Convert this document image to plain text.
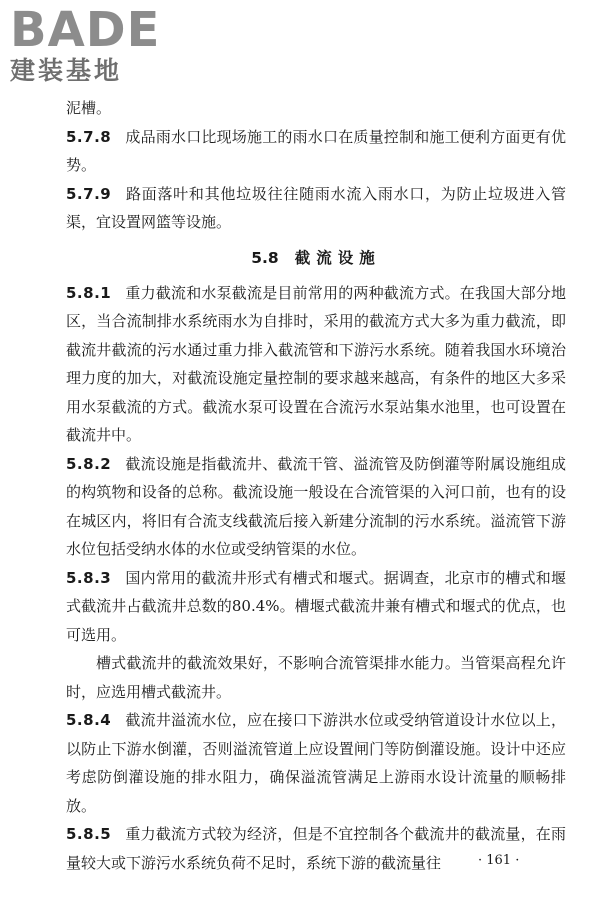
BADE
建装基地

泥槽。

5.7.8 成品雨水口比现场施工的雨水口在质量控制和施工便利方面更有优势。

5.7.9 路面落叶和其他垃圾往往随雨水流入雨水口，为防止垃圾进入管渠，宜设置网篮等设施。

5.8 截流设施

5.8.1 重力截流和水泵截流是目前常用的两种截流方式。在我国大部分地区，当合流制排水系统雨水为自排时，采用的截流方式大多为重力截流，即截流井截流的污水通过重力排入截流管和下游污水系统。随着我国水环境治理力度的加大，对截流设施定量控制的要求越来越高，有条件的地区大多采用水泵截流的方式。截流水泵可设置在合流污水泵站集水池里，也可设置在截流井中。

5.8.2 截流设施是指截流井、截流干管、溢流管及防倒灌等附属设施组成的构筑物和设备的总称。截流设施一般设在合流管渠的入河口前，也有的设在城区内，将旧有合流支线截流后接入新建分流制的污水系统。溢流管下游水位包括受纳水体的水位或受纳管渠的水位。

5.8.3 国内常用的截流井形式有槽式和堰式。据调查，北京市的槽式和堰式截流井占截流井总数的80.4%。槽堰式截流井兼有槽式和堰式的优点，也可选用。

槽式截流井的截流效果好，不影响合流管渠排水能力。当管渠高程允许时，应选用槽式截流井。

5.8.4 截流井溢流水位，应在接口下游洪水位或受纳管道设计水位以上，以防止下游水倒灌，否则溢流管道上应设置闸门等防倒灌设施。设计中还应考虑防倒灌设施的排水阻力，确保溢流管满足上游雨水设计流量的顺畅排放。

5.8.5 重力截流方式较为经济，但是不宜控制各个截流井的截流量，在雨量较大或下游污水系统负荷不足时，系统下游的截流量往	· 161 ·
